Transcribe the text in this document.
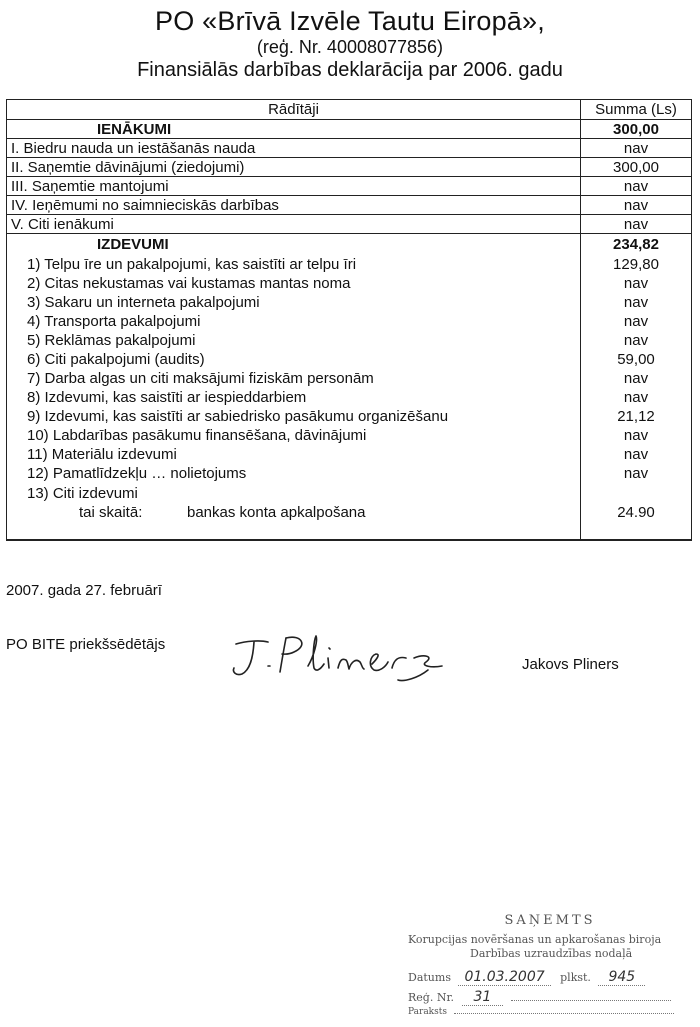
PO «Brīvā Izvēle Tautu Eiropā»,
(reģ. Nr. 40008077856)
Finansiālās darbības deklarācija par 2006. gadu
Rādītāji	Summa (Ls)
IENĀKUMI	300,00
I. Biedru nauda un iestāšanās nauda	nav
II. Saņemtie dāvinājumi (ziedojumi)	300,00
III. Saņemtie mantojumi	nav
IV. Ieņēmumi no saimnieciskās darbības	nav
V. Citi ienākumi	nav
IZDEVUMI	234,82
1) Telpu īre un pakalpojumi, kas saistīti ar telpu īri	129,80
2) Citas nekustamas vai kustamas mantas noma	nav
3) Sakaru un interneta pakalpojumi	nav
4) Transporta pakalpojumi	nav
5) Reklāmas pakalpojumi	nav
6) Citi pakalpojumi (audits)	59,00
7) Darba algas un citi maksājumi fiziskām personām	nav
8) Izdevumi, kas saistīti ar iespieddarbiem	nav
9) Izdevumi, kas saistīti ar sabiedrisko pasākumu organizēšanu	21,12
10) Labdarības pasākumu finansēšana, dāvinājumi	nav
11) Materiālu izdevumi	nav
12) Pamatlīdzekļu … nolietojums	nav
13) Citi izdevumi
tai skaitā:	bankas konta apkalpošana	24.90
2007. gada 27. februārī
PO BITE priekšsēdētājs
Jakovs Pliners
SAŅEMTS
Korupcijas novēršanas un apkarošanas biroja
Darbības uzraudzības nodaļā
Datums 01.03.2007 plkst. 945
Reģ. Nr. 31
Paraksts
